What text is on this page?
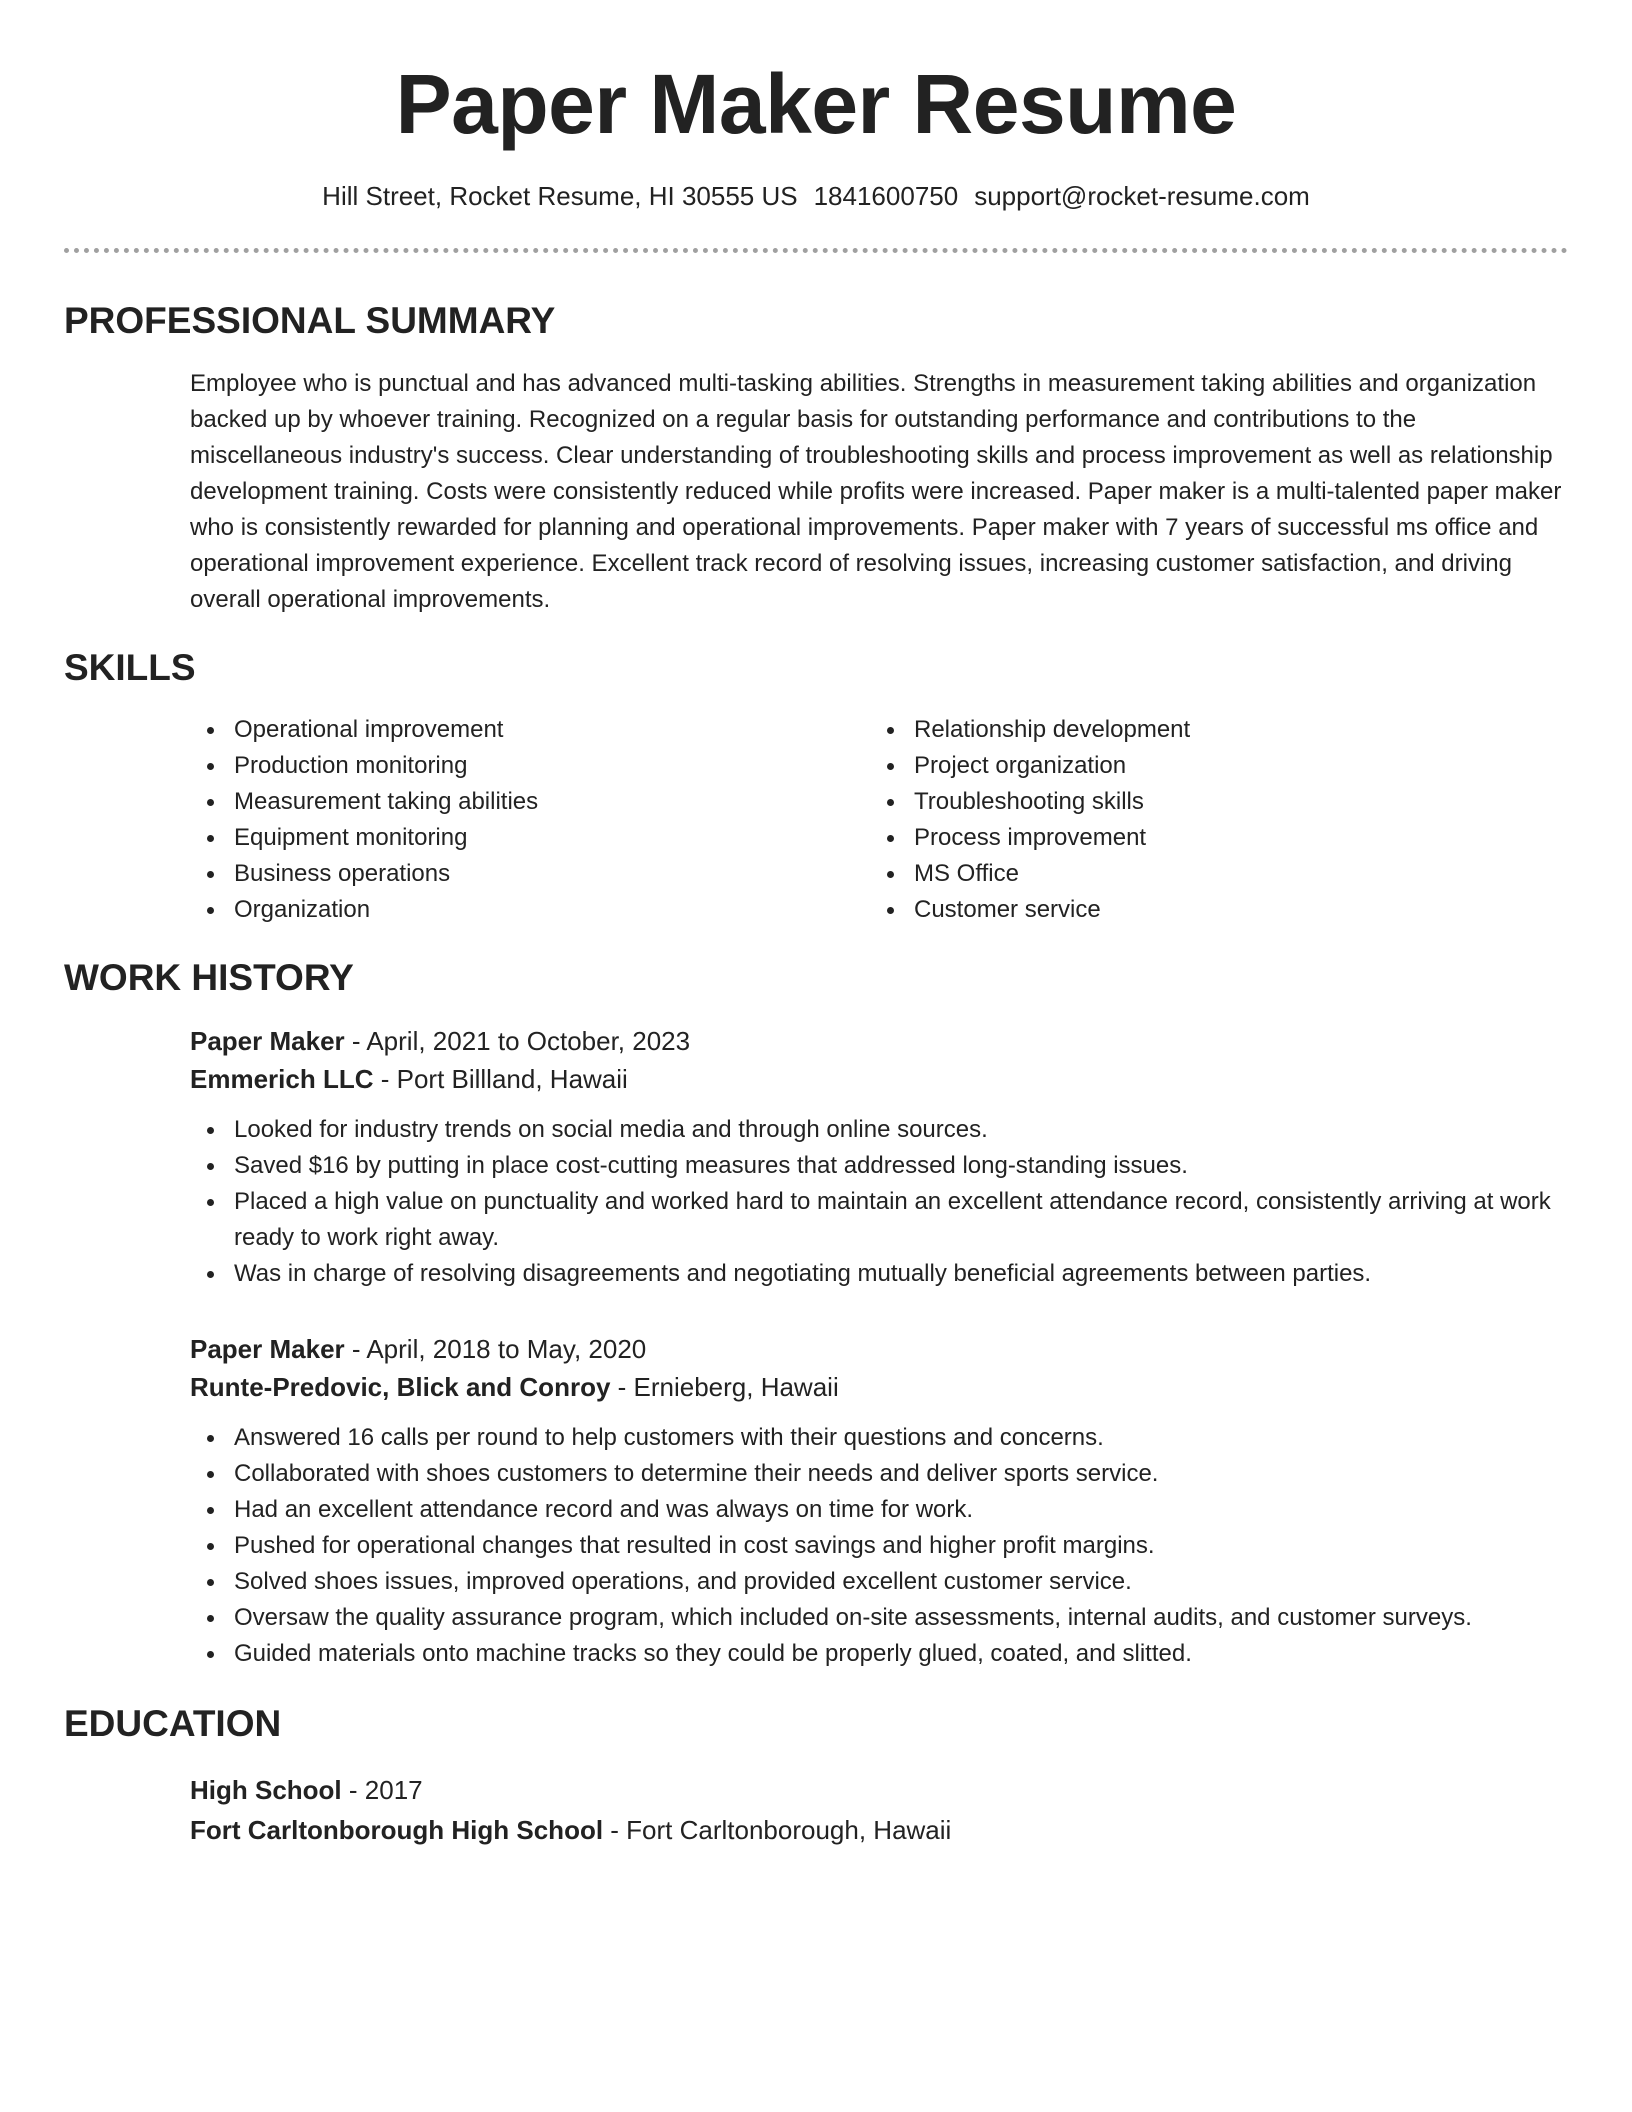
Paper Maker Resume
Hill Street, Rocket Resume, HI 30555 US 1841600750 support@rocket-resume.com
PROFESSIONAL SUMMARY
Employee who is punctual and has advanced multi-tasking abilities. Strengths in measurement taking abilities and organization backed up by whoever training. Recognized on a regular basis for outstanding performance and contributions to the miscellaneous industry's success. Clear understanding of troubleshooting skills and process improvement as well as relationship development training. Costs were consistently reduced while profits were increased. Paper maker is a multi-talented paper maker who is consistently rewarded for planning and operational improvements. Paper maker with 7 years of successful ms office and operational improvement experience. Excellent track record of resolving issues, increasing customer satisfaction, and driving overall operational improvements.
SKILLS
Operational improvement
Production monitoring
Measurement taking abilities
Equipment monitoring
Business operations
Organization
Relationship development
Project organization
Troubleshooting skills
Process improvement
MS Office
Customer service
WORK HISTORY
Paper Maker - April, 2021 to October, 2023
Emmerich LLC - Port Billland, Hawaii
Looked for industry trends on social media and through online sources.
Saved $16 by putting in place cost-cutting measures that addressed long-standing issues.
Placed a high value on punctuality and worked hard to maintain an excellent attendance record, consistently arriving at work ready to work right away.
Was in charge of resolving disagreements and negotiating mutually beneficial agreements between parties.
Paper Maker - April, 2018 to May, 2020
Runte-Predovic, Blick and Conroy - Ernieberg, Hawaii
Answered 16 calls per round to help customers with their questions and concerns.
Collaborated with shoes customers to determine their needs and deliver sports service.
Had an excellent attendance record and was always on time for work.
Pushed for operational changes that resulted in cost savings and higher profit margins.
Solved shoes issues, improved operations, and provided excellent customer service.
Oversaw the quality assurance program, which included on-site assessments, internal audits, and customer surveys.
Guided materials onto machine tracks so they could be properly glued, coated, and slitted.
EDUCATION
High School - 2017
Fort Carltonborough High School - Fort Carltonborough, Hawaii
